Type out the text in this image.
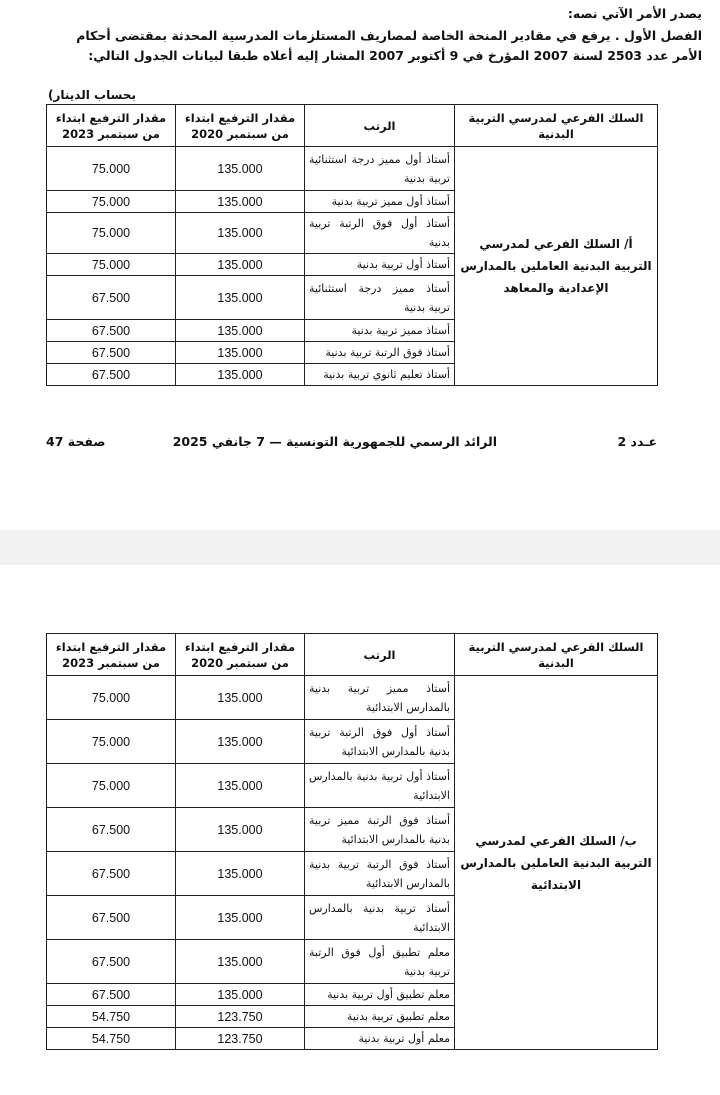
يصدر الأمر الآتي نصه:
الفصل الأول . يرفع في مقادير المنحة الخاصة لمصاريف المستلزمات المدرسية المحدثة بمقتضى أحكام الأمر عدد 2503 لسنة 2007 المؤرخ في 9 أكتوبر 2007 المشار إليه أعلاه طبقا لبيانات الجدول التالي:
بحساب الدينار)
السلك الفرعي لمدرسي التربية البدنية	الرتب	مقدار الترفيع ابتداء من سبتمبر 2020	مقدار الترفيع ابتداء من سبتمبر 2023
أ/ السلك الفرعي لمدرسي التربية البدنية العاملين بالمدارس الإعدادية والمعاهد	أستاذ أول مميز درجة استثنائية تربية بدنية	135.000	75.000
	أستاذ أول مميز تربية بدنية	135.000	75.000
	أستاذ أول فوق الرتبة تربية بدنية	135.000	75.000
	أستاذ أول تربية بدنية	135.000	75.000
	أستاذ مميز درجة استثنائية تربية بدنية	135.000	67.500
	أستاذ مميز تربية بدنية	135.000	67.500
	أستاذ فوق الرتبة تربية بدنية	135.000	67.500
	أستاذ تعليم ثانوي تربية بدنية	135.000	67.500
عـدد 2
الرائد الرسمي للجمهورية التونسية — 7 جانفي 2025
صفحة 47
السلك الفرعي لمدرسي التربية البدنية	الرتب	مقدار الترفيع ابتداء من سبتمبر 2020	مقدار الترفيع ابتداء من سبتمبر 2023
ب/ السلك الفرعي لمدرسي التربية البدنية العاملين بالمدارس الابتدائية	أستاذ مميز تربية بدنية بالمدارس الابتدائية	135.000	75.000
	أستاذ أول فوق الرتبة تربية بدنية بالمدارس الابتدائية	135.000	75.000
	أستاذ أول تربية بدنية بالمدارس الابتدائية	135.000	75.000
	أستاذ فوق الرتبة مميز تربية بدنية بالمدارس الابتدائية	135.000	67.500
	أستاذ فوق الرتبة تربية بدنية بالمدارس الابتدائية	135.000	67.500
	أستاذ تربية بدنية بالمدارس الابتدائية	135.000	67.500
	معلم تطبيق أول فوق الرتبة تربية بدنية	135.000	67.500
	معلم تطبيق أول تربية بدنية	135.000	67.500
	معلم تطبيق تربية بدنية	123.750	54.750
	معلم أول تربية بدنية	123.750	54.750
